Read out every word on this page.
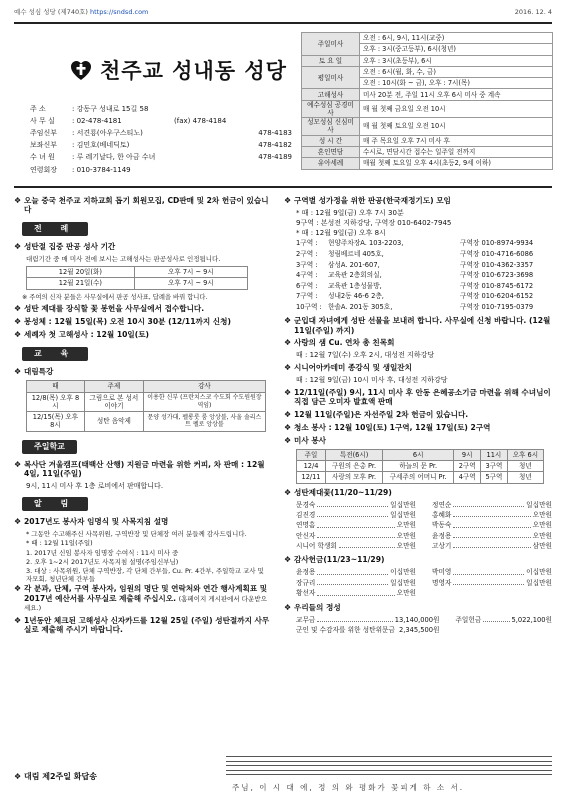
예수 성심 성당 (제740호) https://sndsd.com	2016. 12. 4
천주교 성내동 성당
주 소	: 강동구 성내로 15길 58
사 무 실	: 02-478-4181	(fax) 478-4184
주임신부	: 서견룡(아우구스티노)	478-4183
보좌신부	: 김민호(베네딕토)	478-4182
수 녀 원	: 루 레기날다, 한 아금 수녀	478-4189
연령회장	: 010-3784-1149
주일미사	오전 : 6시, 9시, 11시(교중)
	오후 : 3시(중고등부), 6시(청년)
토 요 일	오후 : 3시(초등부), 6시
평일미사	오전 : 6시(월, 화, 수, 금)
	오전 : 10시(화 ~ 금), 오후 : 7시(목)
고해성사	미사 20분 전, 주일 11시 오후 6시 미사 중 계속
예수성심 공경미사	매 월 첫째 금요일 오전 10시
성모성심 신심미사	매 월 첫째 토요일 오전 10시
성 시 간	매 주 목요일 오후 7시 미사 후
혼인면담	수시로, 면담시간 접수는 일주일 전까지
유아세례	매월 첫째 토요일 오후 4시(초등2, 9세 이하)
❖ 오늘 중국 천주교 지하교회 돕기 회원모집, CD판매 및 2차 헌금이 있습니다
전 례
❖ 성탄절 집중 판공 성사 기간
대림기간 중 매 미사 전에 보시는 고해성사는 판공성사로 인정됩니다.
12월 20일(화)	오후 7시 ~ 9시
12월 21일(수)	오후 7시 ~ 9시
※ 주여의 신자 분들은 사무실에서 판공 성사표, 답례을 바꿔 합니다.
❖ 성탄 제대를 장식할 꽃 봉헌을 사무실에서 접수합니다.
❖ 봉성체 : 12월 15일(목) 오전 10시 30분 (12/11까지 신청)
❖ 세례자 첫 고해성사 : 12월 10일(토)
교 육
❖ 대림특강
때	주제	강사
12/8(목) 오후 8시	그림으로 본 성서이야기	이용한 신부 (프란치스코 수도회 수도원원장 역임)
12/15(목) 오후 8시	성탄 음악제	문양 성가대, 펠롱룻 룸 앙상블, 사울 솔리스트 펠로 앙상블
주일학교
❖ 복사단 겨울캠프(태백산 산행) 지원금 마련을 위한 커피, 차 판매 : 12월 4일, 11일(주일)
9시, 11시 미사 후 1층 로비에서 판매합니다.
알 림
❖ 2017년도 봉사자 임명식 및 사목지침 설명
* 그동안 수고해주신 사목위원, 구역반장 및 단체장 여러 분들께 감사드립니다.
* 때 : 12월 11일(주일)
1. 2017년 신임 봉사자 임명장 수여식 : 11시 미사 중
2. 오후 1~2시 2017년도 사목지침 설명(주임신부님)
3. 대상 : 사목위원, 단체 구역반장, 각 단체 간부들, Cu. Pr. 4간부, 주일학교 교사 및 자모회, 청년단체 간부들
❖ 각 분과, 단체, 구역 봉사자, 임원의 명단 및 연락처와 연간 행사계획표 및 2017년 예산서를 사무실로 제출해 주십시오. (홈페이지 게시판에서 다운받으세요.)
❖ 1년동안 체크된 고해성사 신자카드를 12월 25일 (주일) 성탄절까지 사무실로 제출해 주시기 바랍니다.
❖ 구역별 성가정을 위한 판공(한국재정기도) 모임
* 때 : 12월 9일(금) 오후 7시 30분
9구역 : 본성전 지하강당, 구역장 010-6402-7945
* 때 : 12월 9일(금) 오후 8시
1구역 :	현양주차장A. 103-2203,	구역장 010-8974-9934
2구역 :	청림베르네 405호,	구역장 010-4716-6086
3구역 :	삼성A. 201-607,	구역장 010-4362-3357
4구역 :	교육관 2층회의실,	구역장 010-6723-3698
6구역 :	교육관 1층성물방,	구역장 010-8745-6172
7구역 :	성내2동 46-6 2층,	구역장 010-6204-6152
10구역 : 한솔A. 201동 305호,	구역장 010-7195-0379
❖ 군입대 자녀에게 성탄 선물을 보내려 합니다. 사무실에 신청 바랍니다. (12월 11일(주일) 까지)
❖ 사랑의 샘 Cu. 연차 총 친목회
때 : 12월 7일(수) 오후 2시, 대성전 지하강당
❖ 시니어아카데미 종강식 및 생일잔치
때 : 12월 9일(금) 10시 미사 후, 대성전 지하강당
❖ 12/11일(주일) 9시, 11시 미사 후 안동 은혜공소기금 마련을 위해 수녀님이 직접 담근 오미자 발효액 판매
❖ 12월 11일(주일)은 자선주일 2차 헌금이 있습니다.
❖ 청소 봉사 : 12월 10일(토) 1구역, 12월 17일(토) 2구역
❖ 미사 봉사
주일	특전(6시)	6시	9시	11시	오후 6시
12/4	구원의 은총 Pr.	하늘의 문 Pr.	2구역	3구역	청년
12/11	사랑의 모후 Pr.	구세주의 어머니 Pr.	4구역	5구역	청년
❖ 성탄제대꽃(11/20~11/29)
문경숙	일십만원 정연순	일십만원
김진경	일십만원 홍혜화	오만원
연명흠	오만원 박동숙	오만원
안신자	오만원 윤정용	오만원
시니어 학생회	오만원 고상기	삼만원
❖ 감사헌금(11/23~11/29)
윤정용	이십만원 박미영	이십만원
장규리	일십만원 명영자	일십만원
황선자	오만원
❖ 우리들의 정성
교무금	13,140,000원 주일헌금	5,022,100원
군인 및 수감자를 위한 성탄위문금 2,345,500원
❖ 대림 제2주일 화답송
주님, 이 시 대 에, 정 의 와 평화가 꽃피게 하 소 서.
